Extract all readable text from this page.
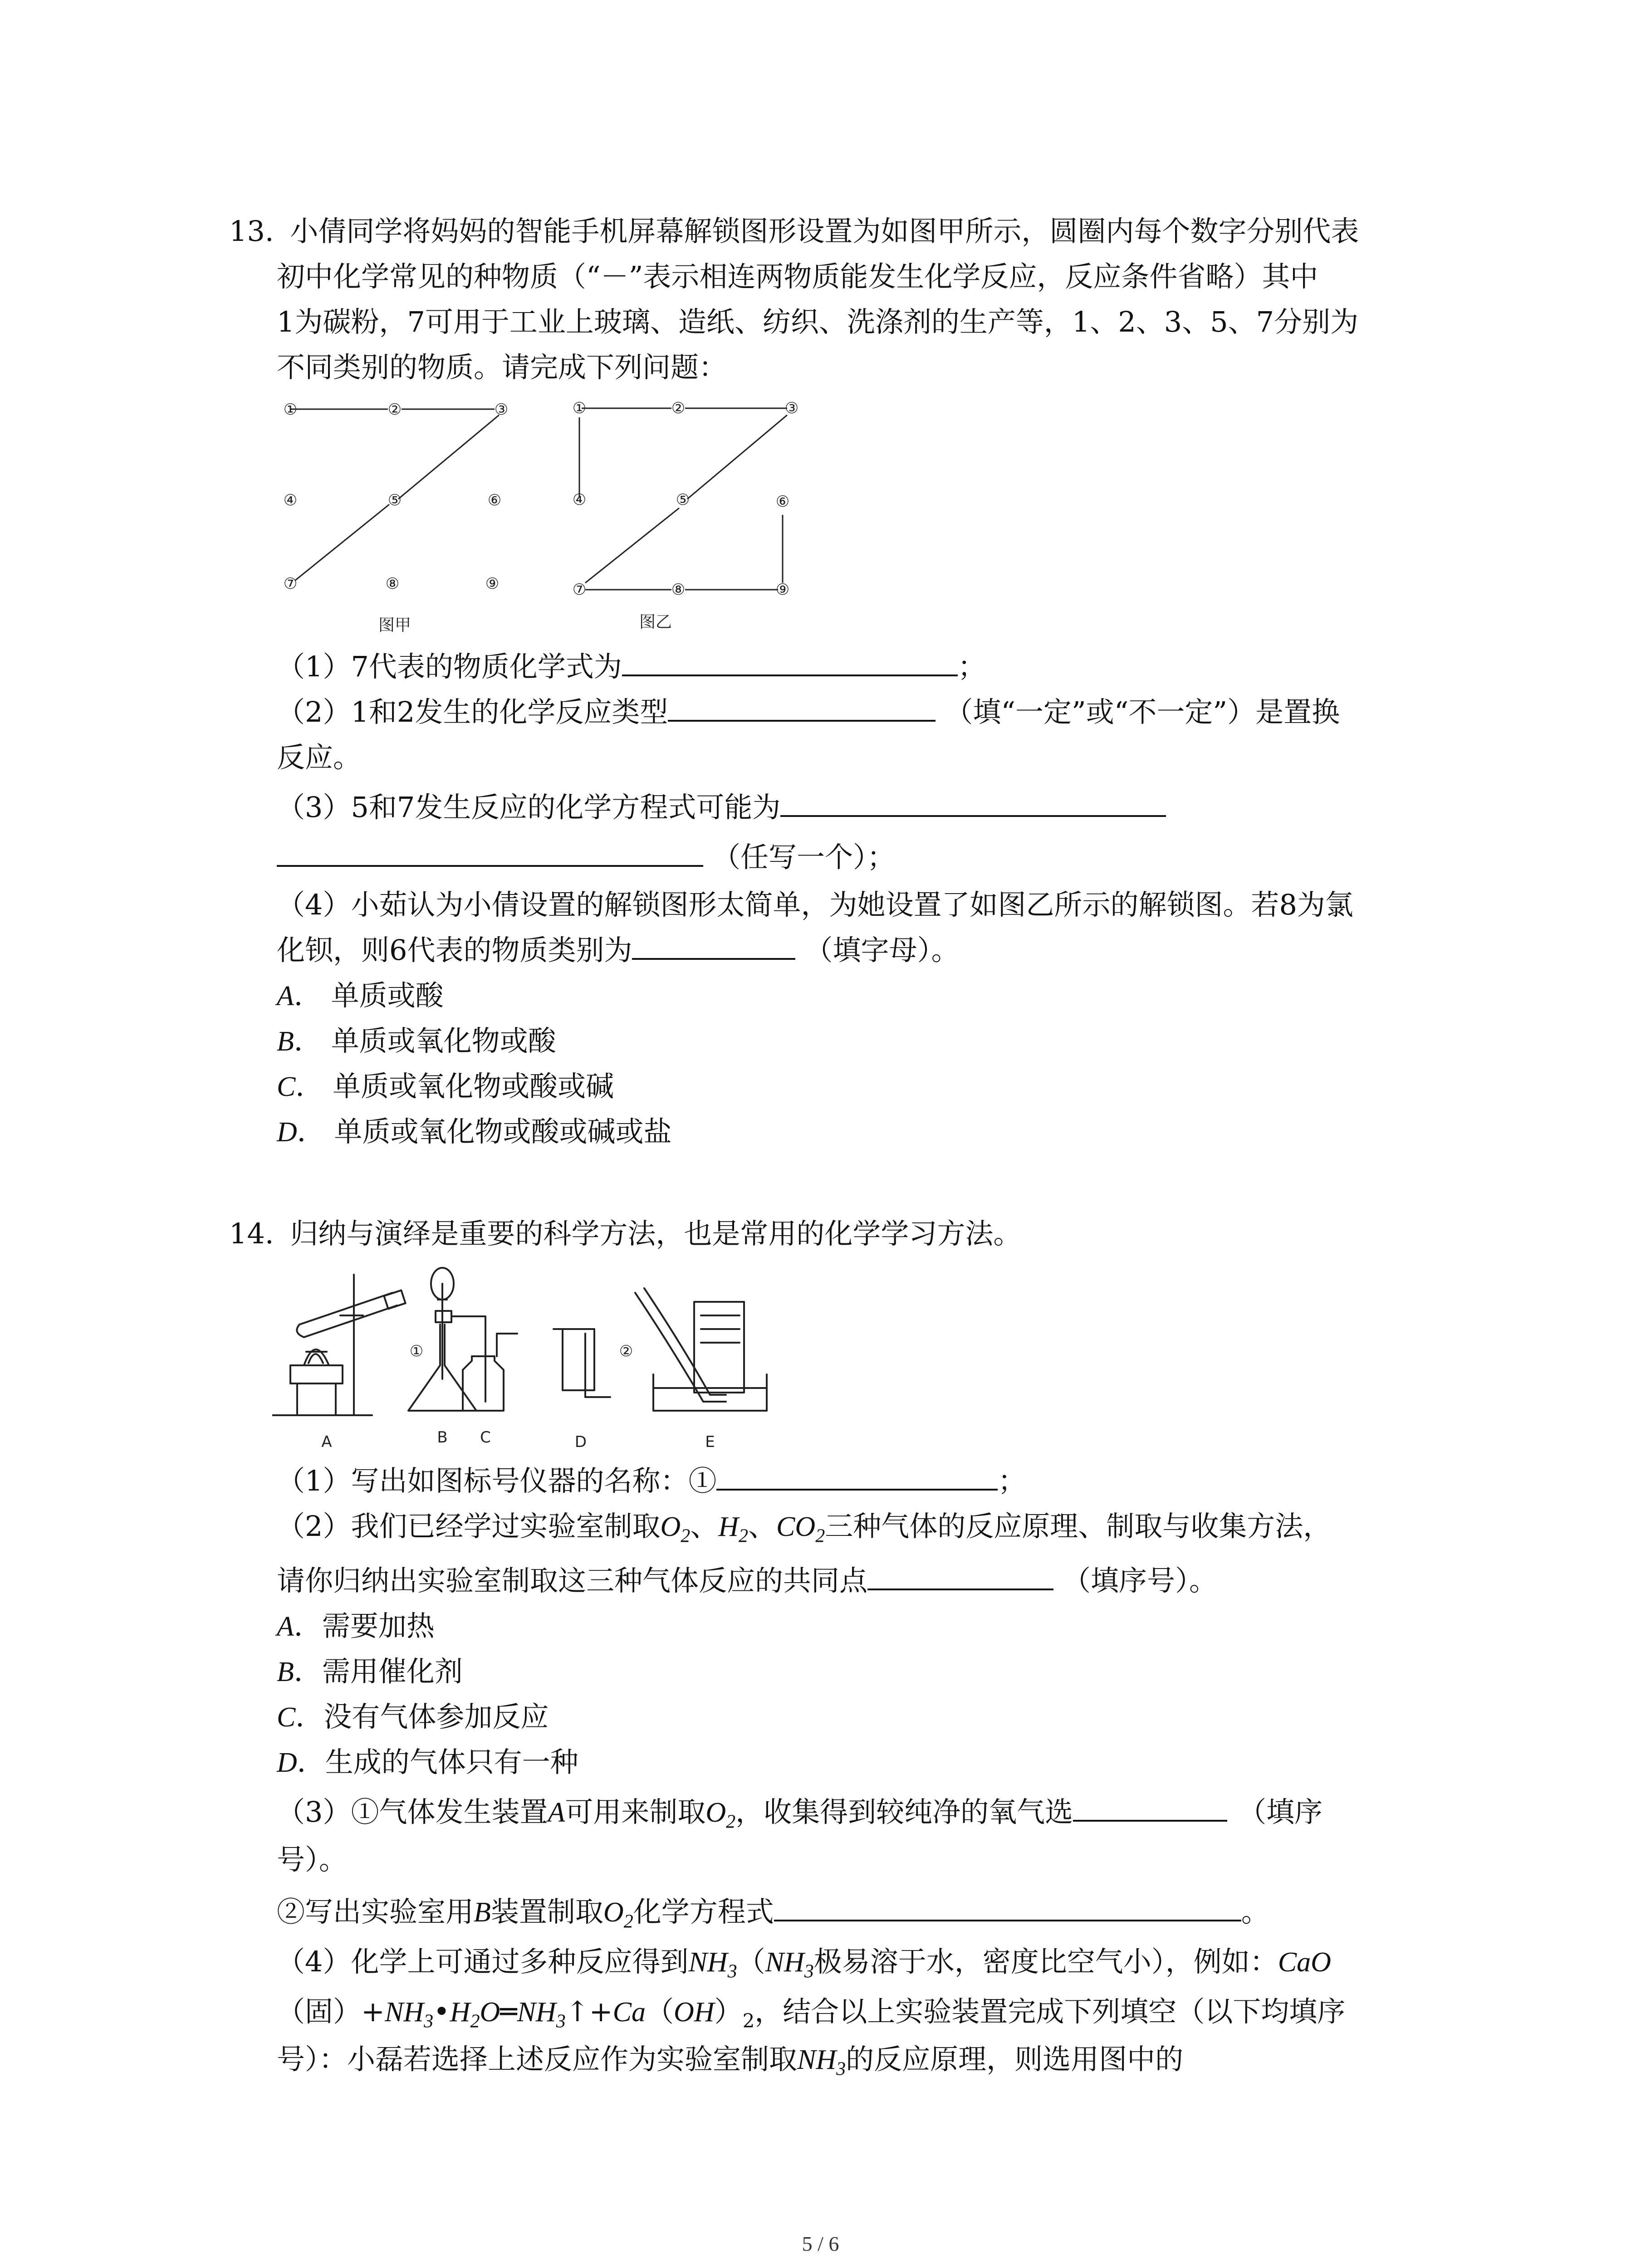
13. 小倩同学将妈妈的智能手机屏幕解锁图形设置为如图甲所示，圆圈内每个数字分别代表
初中化学常见的种物质（“－”表示相连两物质能发生化学反应，反应条件省略）其中
1为碳粉，7可用于工业上玻璃、造纸、纺织、洗涤剂的生产等，1、2、3、5、7分别为
不同类别的物质。请完成下列问题：
①	②	③
④	⑤	⑥
⑦	⑧	⑨
图甲
①	②	③
④	⑤	⑥
⑦	⑧	⑨
图乙
（1）7代表的物质化学式为	；
（2）1和2发生的化学反应类型	（填“一定”或“不一定”）是置换
反应。
（3）5和7发生反应的化学方程式可能为
（任写一个）；
（4）小茹认为小倩设置的解锁图形太简单，为她设置了如图乙所示的解锁图。若8为氯
化钡，则6代表的物质类别为	（填字母）。
A． 单质或酸
B． 单质或氧化物或酸
C． 单质或氧化物或酸或碱
D． 单质或氧化物或酸或碱或盐
14. 归纳与演绎是重要的科学方法，也是常用的化学学习方法。
①	②
A	B C	D	E
（1）写出如图标号仪器的名称：①	；
（2）我们已经学过实验室制取$O_2$、$H_2$、$CO_2$三种气体的反应原理、制取与收集方法，
请你归纳出实验室制取这三种气体反应的共同点	（填序号）。
A．需要加热
B．需用催化剂
C．没有气体参加反应
D．生成的气体只有一种
（3）①气体发生装置A可用来制取$O_2$，收集得到较纯净的氧气选	（填序
号）。
②写出实验室用B装置制取$O_2$化学方程式	。
（4）化学上可通过多种反应得到$NH_3(NH_3$极易溶于水，密度比空气小），例如：CaO
（固）$+NH_3•H_2O═NH_3↑+Ca(OH)_2$，结合以上实验装置完成下列填空（以下均填序
号）：小磊若选择上述反应作为实验室制取$NH_3$的反应原理，则选用图中的
5 / 6
